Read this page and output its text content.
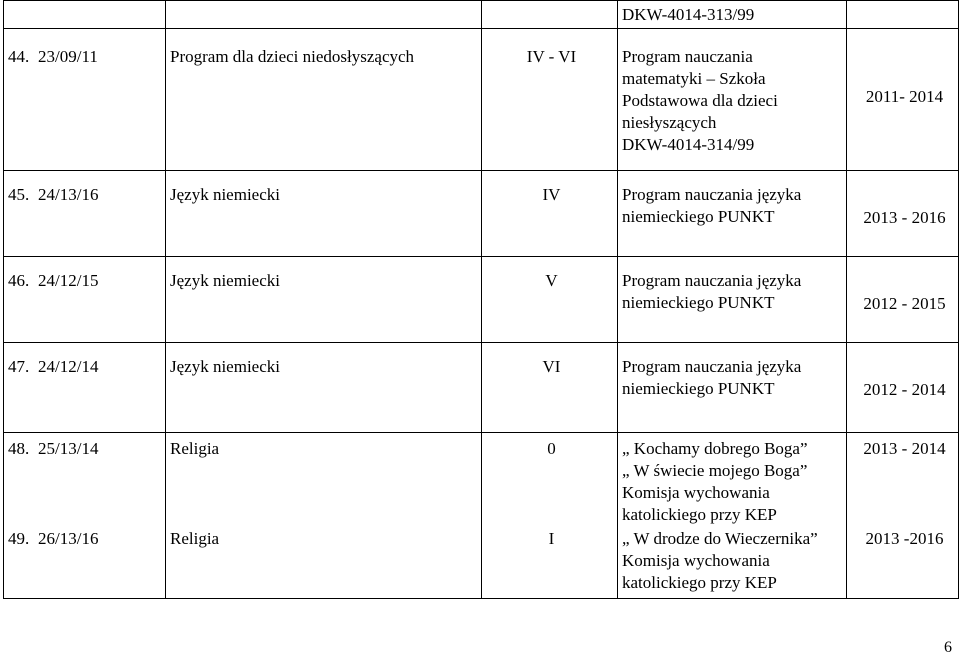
			DKW-4014-313/99	
44. 23/09/11	Program dla dzieci niedosłyszących	IV - VI	Program nauczania
matematyki – Szkoła
Podstawowa dla dzieci
niesłyszących
DKW-4014-314/99	2011- 2014
45. 24/13/16	Język niemiecki	IV	Program nauczania języka
niemieckiego PUNKT	2013 - 2016
46. 24/12/15	Język niemiecki	V	Program nauczania języka
niemieckiego PUNKT	2012 - 2015
47. 24/12/14	Język niemiecki	VI	Program nauczania języka
niemieckiego PUNKT	2012 - 2014
48. 25/13/14	Religia	0	„ Kochamy dobrego Boga”
„ W świecie mojego Boga”
Komisja wychowania
katolickiego przy KEP	2013 - 2014
49. 26/13/16	Religia	I	„ W drodze do Wieczernika”
Komisja wychowania
katolickiego przy KEP	2013 -2016
6
